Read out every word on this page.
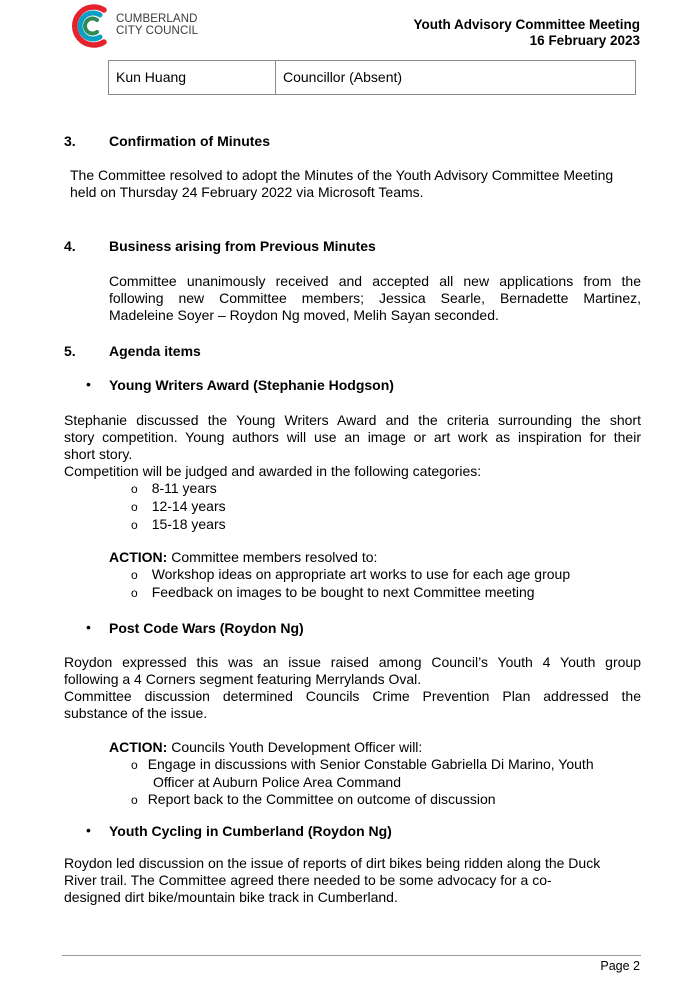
CUMBERLAND
CITY COUNCIL	Youth Advisory Committee Meeting
16 February 2023
Kun Huang	Councillor (Absent)
3. Confirmation of Minutes
The Committee resolved to adopt the Minutes of the Youth Advisory Committee Meeting
held on Thursday 24 February 2022 via Microsoft Teams.
4. Business arising from Previous Minutes
Committee unanimously received and accepted all new applications from the
following new Committee members; Jessica Searle, Bernadette Martinez,
Madeleine Soyer – Roydon Ng moved, Melih Sayan seconded.
5. Agenda items
• Young Writers Award (Stephanie Hodgson)
Stephanie discussed the Young Writers Award and the criteria surrounding the short
story competition. Young authors will use an image or art work as inspiration for their
short story.
Competition will be judged and awarded in the following categories:
o 8-11 years
o 12-14 years
o 15-18 years
ACTION: Committee members resolved to:
o Workshop ideas on appropriate art works to use for each age group
o Feedback on images to be bought to next Committee meeting
• Post Code Wars (Roydon Ng)
Roydon expressed this was an issue raised among Council’s Youth 4 Youth group
following a 4 Corners segment featuring Merrylands Oval.
Committee discussion determined Councils Crime Prevention Plan addressed the
substance of the issue.
ACTION: Councils Youth Development Officer will:
o Engage in discussions with Senior Constable Gabriella Di Marino, Youth
Officer at Auburn Police Area Command
o Report back to the Committee on outcome of discussion
• Youth Cycling in Cumberland (Roydon Ng)
Roydon led discussion on the issue of reports of dirt bikes being ridden along the Duck
River trail. The Committee agreed there needed to be some advocacy for a co-
designed dirt bike/mountain bike track in Cumberland.
Page 2
